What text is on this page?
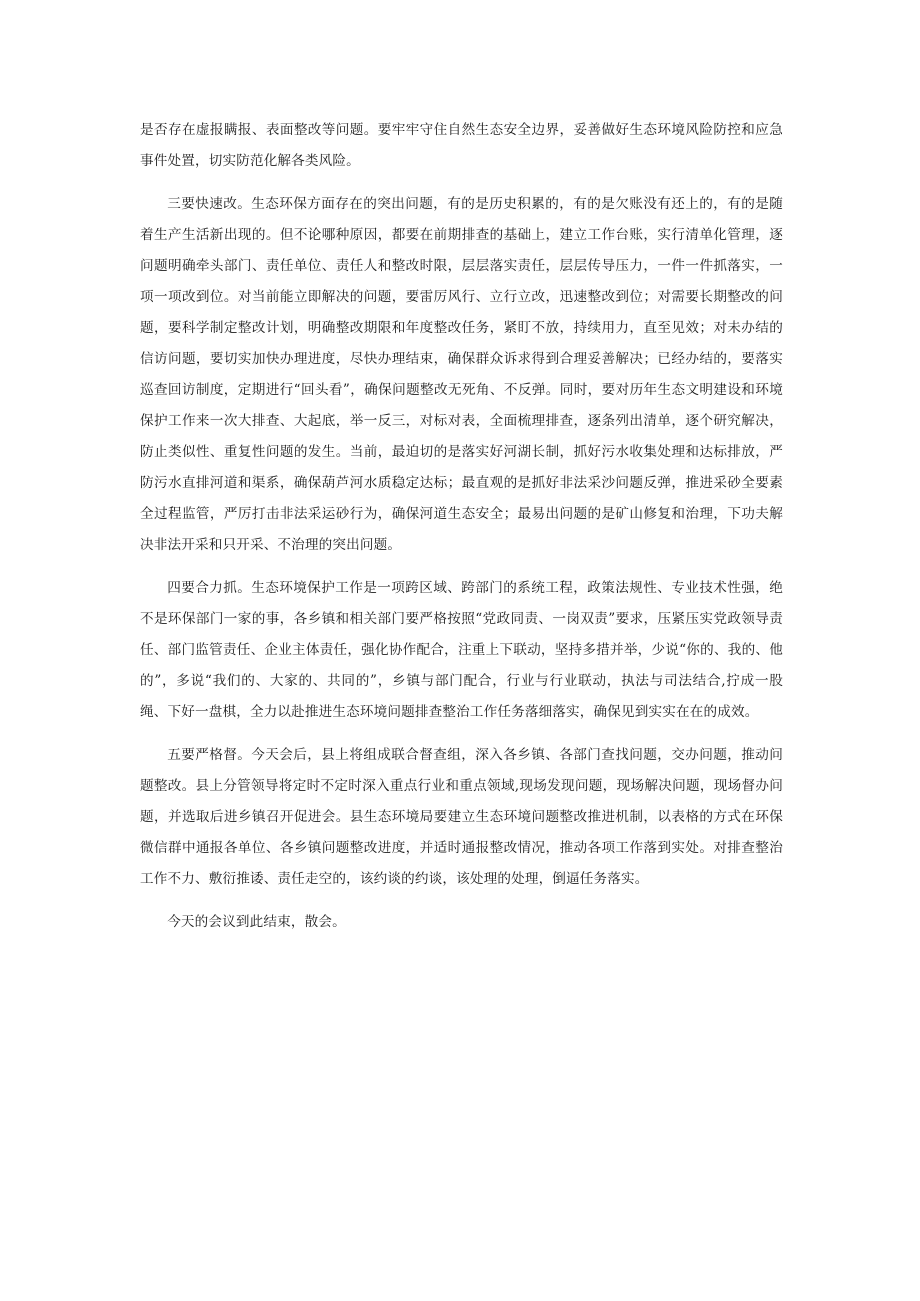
是否存在虚报瞒报、表面整改等问题。要牢牢守住自然生态安全边界，妥善做好生态环境风险防控和应急事件处置，切实防范化解各类风险。

三要快速改。生态环保方面存在的突出问题，有的是历史积累的，有的是欠账没有还上的，有的是随着生产生活新出现的。但不论哪种原因，都要在前期排查的基础上，建立工作台账，实行清单化管理，逐问题明确牵头部门、责任单位、责任人和整改时限，层层落实责任，层层传导压力，一件一件抓落实，一项一项改到位。对当前能立即解决的问题，要雷厉风行、立行立改，迅速整改到位；对需要长期整改的问题，要科学制定整改计划，明确整改期限和年度整改任务，紧盯不放，持续用力，直至见效；对未办结的信访问题，要切实加快办理进度，尽快办理结束，确保群众诉求得到合理妥善解决；已经办结的，要落实巡查回访制度，定期进行“回头看”，确保问题整改无死角、不反弹。同时，要对历年生态文明建设和环境保护工作来一次大排查、大起底，举一反三，对标对表，全面梳理排查，逐条列出清单，逐个研究解决，防止类似性、重复性问题的发生。当前，最迫切的是落实好河湖长制，抓好污水收集处理和达标排放，严防污水直排河道和渠系，确保葫芦河水质稳定达标；最直观的是抓好非法采沙问题反弹，推进采砂全要素全过程监管，严厉打击非法采运砂行为，确保河道生态安全；最易出问题的是矿山修复和治理，下功夫解决非法开采和只开采、不治理的突出问题。

四要合力抓。生态环境保护工作是一项跨区域、跨部门的系统工程，政策法规性、专业技术性强，绝不是环保部门一家的事，各乡镇和相关部门要严格按照“党政同责、一岗双责”要求，压紧压实党政领导责任、部门监管责任、企业主体责任，强化协作配合，注重上下联动，坚持多措并举，少说“你的、我的、他的”，多说“我们的、大家的、共同的”，乡镇与部门配合，行业与行业联动，执法与司法结合,拧成一股绳、下好一盘棋，全力以赴推进生态环境问题排查整治工作任务落细落实，确保见到实实在在的成效。

五要严格督。今天会后，县上将组成联合督查组，深入各乡镇、各部门查找问题，交办问题，推动问题整改。县上分管领导将定时不定时深入重点行业和重点领域,现场发现问题，现场解决问题，现场督办问题，并选取后进乡镇召开促进会。县生态环境局要建立生态环境问题整改推进机制，以表格的方式在环保微信群中通报各单位、各乡镇问题整改进度，并适时通报整改情况，推动各项工作落到实处。对排查整治工作不力、敷衍推诿、责任走空的，该约谈的约谈，该处理的处理，倒逼任务落实。

今天的会议到此结束，散会。
